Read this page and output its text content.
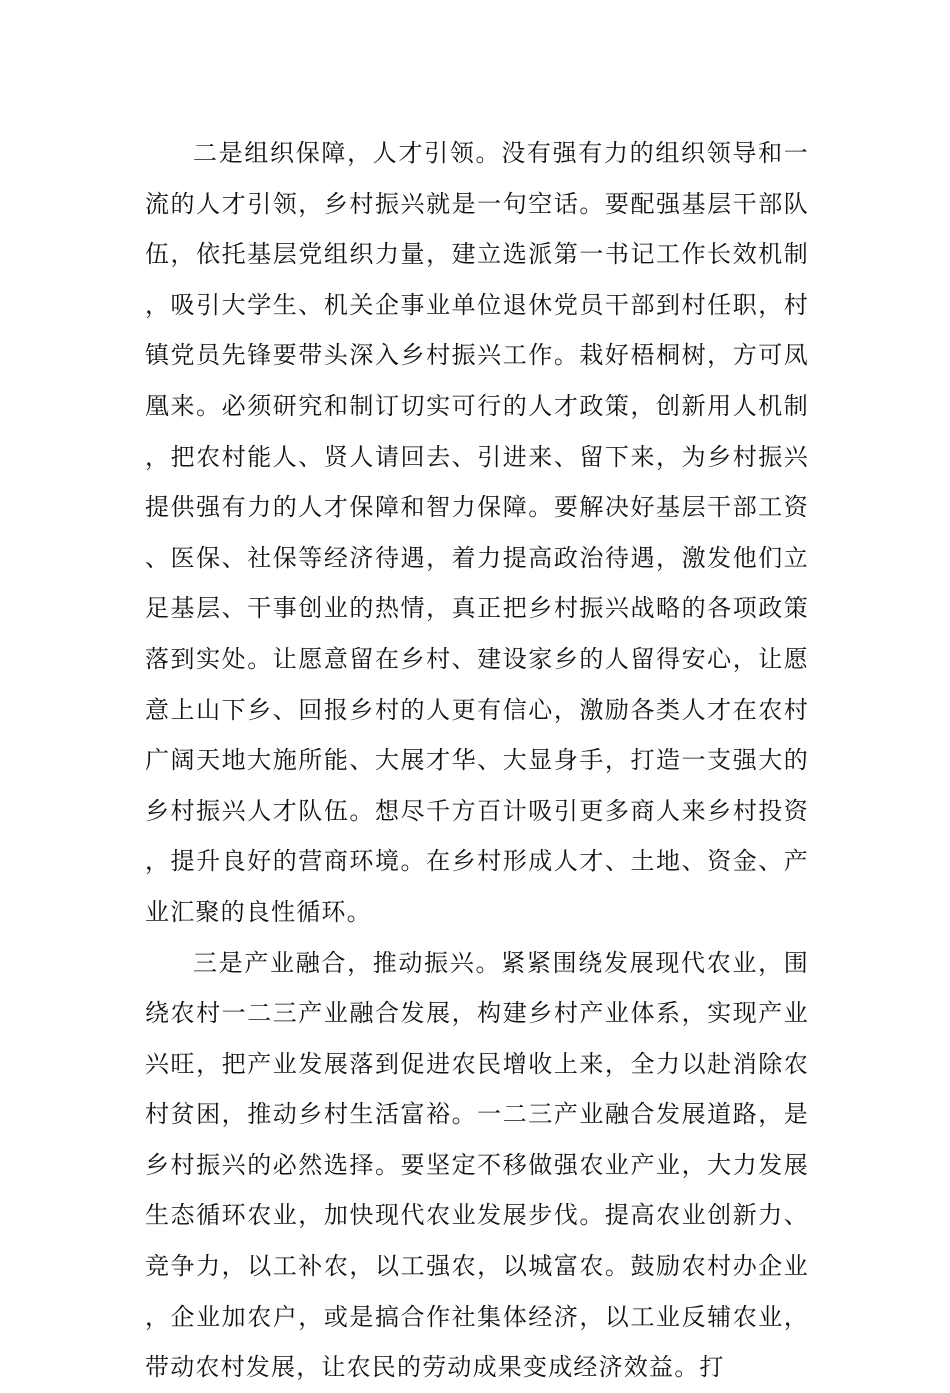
二是组织保障，人才引领。没有强有力的组织领导和一流的人才引领，乡村振兴就是一句空话。要配强基层干部队伍，依托基层党组织力量，建立选派第一书记工作长效机制，吸引大学生、机关企事业单位退休党员干部到村任职，村镇党员先锋要带头深入乡村振兴工作。栽好梧桐树，方可凤凰来。必须研究和制订切实可行的人才政策，创新用人机制，把农村能人、贤人请回去、引进来、留下来，为乡村振兴提供强有力的人才保障和智力保障。要解决好基层干部工资、医保、社保等经济待遇，着力提高政治待遇，激发他们立足基层、干事创业的热情，真正把乡村振兴战略的各项政策落到实处。让愿意留在乡村、建设家乡的人留得安心，让愿意上山下乡、回报乡村的人更有信心，激励各类人才在农村广阔天地大施所能、大展才华、大显身手，打造一支强大的乡村振兴人才队伍。想尽千方百计吸引更多商人来乡村投资，提升良好的营商环境。在乡村形成人才、土地、资金、产业汇聚的良性循环。

三是产业融合，推动振兴。紧紧围绕发展现代农业，围绕农村一二三产业融合发展，构建乡村产业体系，实现产业兴旺，把产业发展落到促进农民增收上来，全力以赴消除农村贫困，推动乡村生活富裕。一二三产业融合发展道路，是乡村振兴的必然选择。要坚定不移做强农业产业，大力发展生态循环农业，加快现代农业发展步伐。提高农业创新力、竞争力，以工补农，以工强农，以城富农。鼓励农村办企业，企业加农户，或是搞合作社集体经济，以工业反辅农业，带动农村发展，让农民的劳动成果变成经济效益。打
